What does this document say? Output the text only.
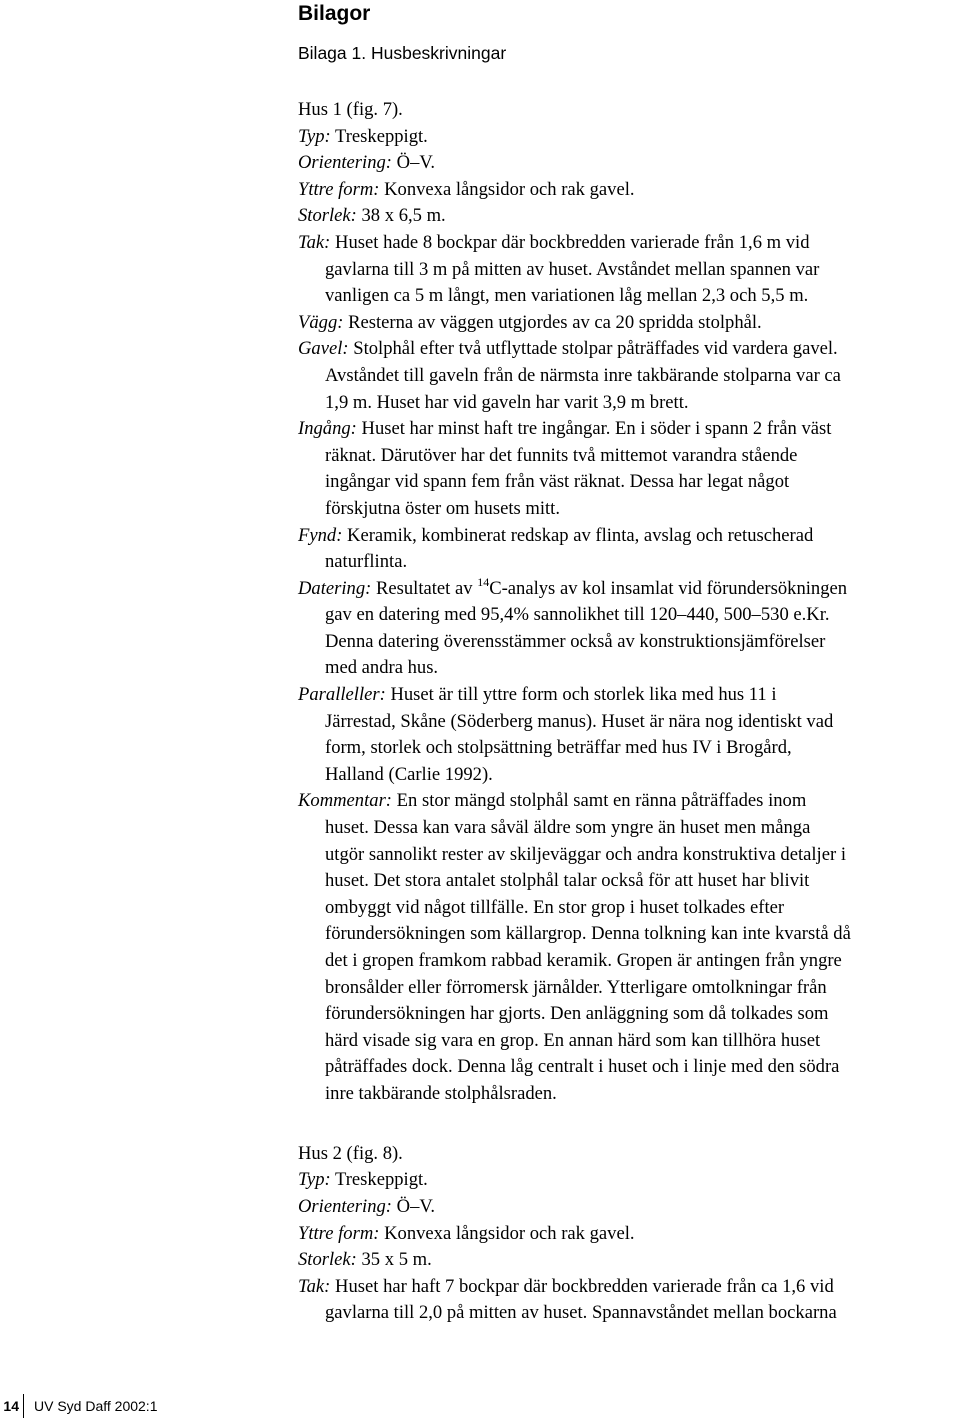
Bilagor
Bilaga 1. Husbeskrivningar
Hus 1 (fig. 7).
Typ: Treskeppigt.
Orientering: Ö–V.
Yttre form: Konvexa långsidor och rak gavel.
Storlek: 38 x 6,5 m.
Tak: Huset hade 8 bockpar där bockbredden varierade från 1,6 m vid
gavlarna till 3 m på mitten av huset. Avståndet mellan spannen var
vanligen ca 5 m långt, men variationen låg mellan 2,3 och 5,5 m.
Vägg: Resterna av väggen utgjordes av ca 20 spridda stolphål.
Gavel: Stolphål efter två utflyttade stolpar påträffades vid vardera gavel.
Avståndet till gaveln från de närmsta inre takbärande stolparna var ca
1,9 m. Huset har vid gaveln har varit 3,9 m brett.
Ingång: Huset har minst haft tre ingångar. En i söder i spann 2 från väst
räknat. Därutöver har det funnits två mittemot varandra stående
ingångar vid spann fem från väst räknat. Dessa har legat något
förskjutna öster om husets mitt.
Fynd: Keramik, kombinerat redskap av flinta, avslag och retuscherad
naturflinta.
Datering: Resultatet av $^{14}$C-analys av kol insamlat vid förundersökningen
gav en datering med 95,4% sannolikhet till 120–440, 500–530 e.Kr.
Denna datering överensstämmer också av konstruktionsjämförelser
med andra hus.
Paralleller: Huset är till yttre form och storlek lika med hus 11 i
Järrestad, Skåne (Söderberg manus). Huset är nära nog identiskt vad
form, storlek och stolpsättning beträffar med hus IV i Brogård,
Halland (Carlie 1992).
Kommentar: En stor mängd stolphål samt en ränna påträffades inom
huset. Dessa kan vara såväl äldre som yngre än huset men många
utgör sannolikt rester av skiljeväggar och andra konstruktiva detaljer i
huset. Det stora antalet stolphål talar också för att huset har blivit
ombyggt vid något tillfälle. En stor grop i huset tolkades efter
förundersökningen som källargrop. Denna tolkning kan inte kvarstå då
det i gropen framkom rabbad keramik. Gropen är antingen från yngre
bronsålder eller förromersk järnålder. Ytterligare omtolkningar från
förundersökningen har gjorts. Den anläggning som då tolkades som
härd visade sig vara en grop. En annan härd som kan tillhöra huset
påträffades dock. Denna låg centralt i huset och i linje med den södra
inre takbärande stolphålsraden.
Hus 2 (fig. 8).
Typ: Treskeppigt.
Orientering: Ö–V.
Yttre form: Konvexa långsidor och rak gavel.
Storlek: 35 x 5 m.
Tak: Huset har haft 7 bockpar där bockbredden varierade från ca 1,6 vid
gavlarna till 2,0 på mitten av huset. Spannavståndet mellan bockarna
14	UV Syd Daff 2002:1
